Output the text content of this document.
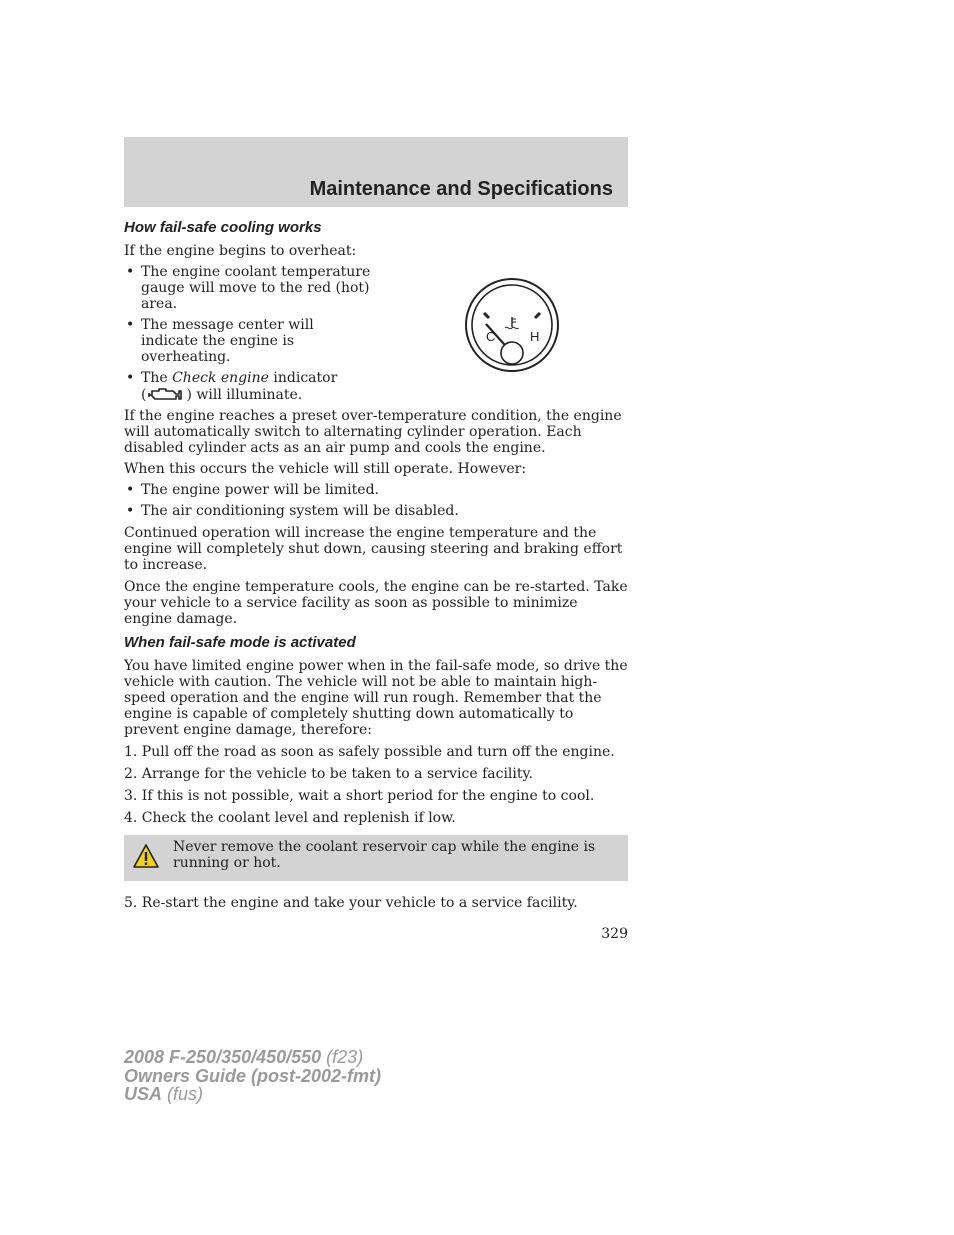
Maintenance and Specifications
How fail-safe cooling works

If the engine begins to overheat:

• The engine coolant temperature gauge will move to the red (hot) area.
• The message center will indicate the engine is overheating.
• The Check engine indicator
(	) will illuminate.
C	H

If the engine reaches a preset over-temperature condition, the engine will automatically switch to alternating cylinder operation. Each disabled cylinder acts as an air pump and cools the engine.

When this occurs the vehicle will still operate. However:

• The engine power will be limited.
• The air conditioning system will be disabled.

Continued operation will increase the engine temperature and the engine will completely shut down, causing steering and braking effort to increase.

Once the engine temperature cools, the engine can be re-started. Take your vehicle to a service facility as soon as possible to minimize engine damage.

When fail-safe mode is activated

You have limited engine power when in the fail-safe mode, so drive the vehicle with caution. The vehicle will not be able to maintain high-speed operation and the engine will run rough. Remember that the engine is capable of completely shutting down automatically to prevent engine damage, therefore:

1. Pull off the road as soon as safely possible and turn off the engine.
2. Arrange for the vehicle to be taken to a service facility.
3. If this is not possible, wait a short period for the engine to cool.
4. Check the coolant level and replenish if low.
Never remove the coolant reservoir cap while the engine is running or hot.

5. Re-start the engine and take your vehicle to a service facility.

329
2008 F-250/350/450/550 (f23)
Owners Guide (post-2002-fmt)
USA (fus)
